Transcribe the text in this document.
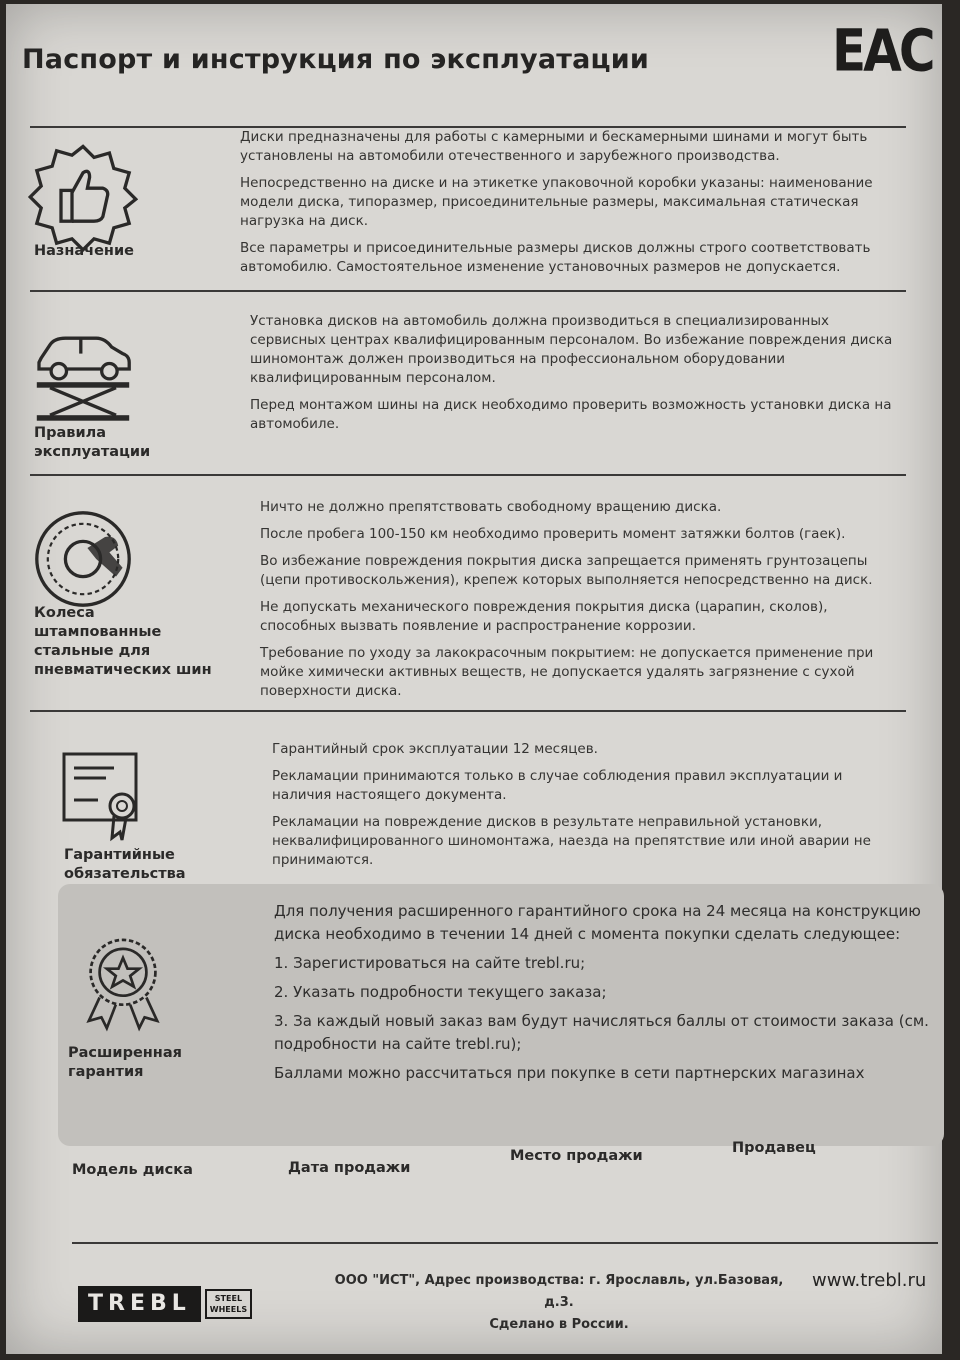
Паспорт и инструкция по эксплуатации	EAC
Назначение

Диски предназначены для работы с камерными и бескамерными шинами и могут быть установлены на автомобили отечественного и зарубежного производства.

Непосредственно на диске и на этикетке упаковочной коробки указаны: наименование модели диска, типоразмер, присоединительные размеры, максимальная статическая нагрузка на диск.

Все параметры и присоединительные размеры дисков должны строго соответствовать автомобилю. Самостоятельное изменение установочных размеров не допускается.

Правила эксплуатации

Установка дисков на автомобиль должна производиться в специализированных сервисных центрах квалифицированным персоналом. Во избежание повреждения диска шиномонтаж должен производиться на профессиональном оборудовании квалифицированным персоналом.

Перед монтажом шины на диск необходимо проверить возможность установки диска на автомобиле.

Колеса штампованные стальные для пневматических шин

Ничто не должно препятствовать свободному вращению диска.

После пробега 100-150 км необходимо проверить момент затяжки болтов (гаек).

Во избежание повреждения покрытия диска запрещается применять грунтозацепы (цепи противоскольжения), крепеж которых выполняется непосредственно на диск.

Не допускать механического повреждения покрытия диска (царапин, сколов), способных вызвать появление и распространение коррозии.

Требование по уходу за лакокрасочным покрытием: не допускается применение при мойке химически активных веществ, не допускается удалять загрязнение с сухой поверхности диска.

Гарантийные обязательства

Гарантийный срок эксплуатации 12 месяцев.

Рекламации принимаются только в случае соблюдения правил эксплуатации и наличия настоящего документа.

Рекламации на повреждение дисков в результате неправильной установки, неквалифицированного шиномонтажа, наезда на препятствие или иной аварии не принимаются.

Расширенная гарантия

Для получения расширенного гарантийного срока на 24 месяца на конструкцию диска необходимо в течении 14 дней с момента покупки сделать следующее:

1. Зарегистироваться на сайте trebl.ru;

2. Указать подробности текущего заказа;

3. За каждый новый заказ вам будут начисляться баллы от стоимости заказа (см. подробности на сайте trebl.ru);

Баллами можно рассчитаться при покупке в сети партнерских магазинах

Модель диска	Дата продажи
Место продажи	Продавец
TREBL	STEEL
WHEELS
ООО "ИСТ", Адрес производства: г. Ярославль, ул.Базовая, д.3.
Сделано в России.
www.trebl.ru
